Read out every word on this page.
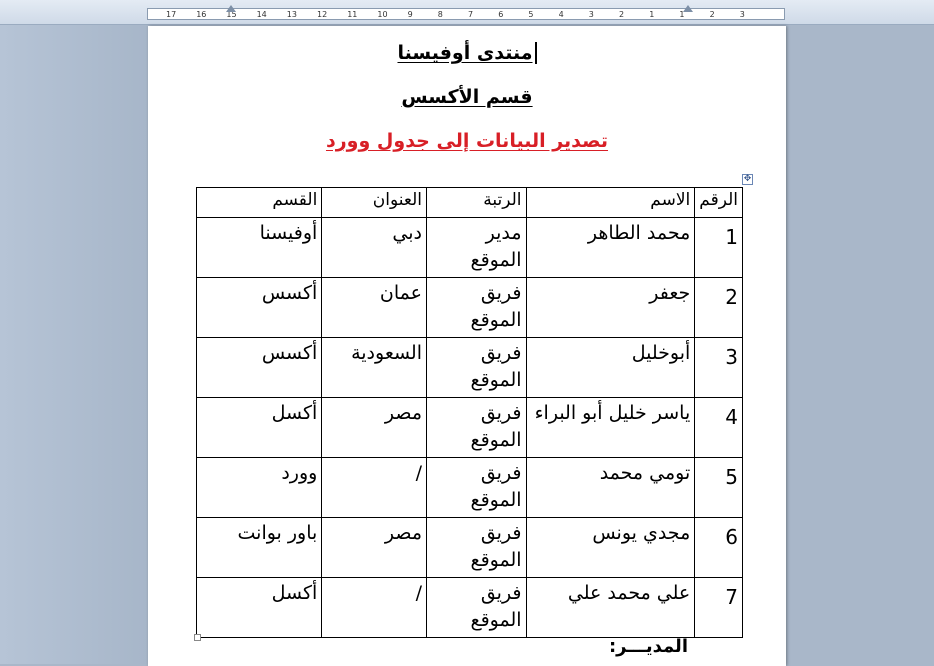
17	16	15	14	13	12	11	10	9	8	7	6	5	4	3	2	1	1	2	3
منتدى أوفيسنا
قسم الأكسس
تصدير البيانات إلى جدول وورد
✥
الرقم	الاسم	الرتبة	العنوان	القسم
1	محمد الطاهر	مدير الموقع	دبي	أوفيسنا
2	جعفر	فريق الموقع	عمان	أكسس
3	أبوخليل	فريق الموقع	السعودية	أكسس
4	ياسر خليل أبو البراء	فريق الموقع	مصر	أكسل
5	تومي محمد	فريق الموقع	/	وورد
6	مجدي يونس	فريق الموقع	مصر	باور بوانت
7	علي محمد علي	فريق الموقع	/	أكسل
المديـــر:
